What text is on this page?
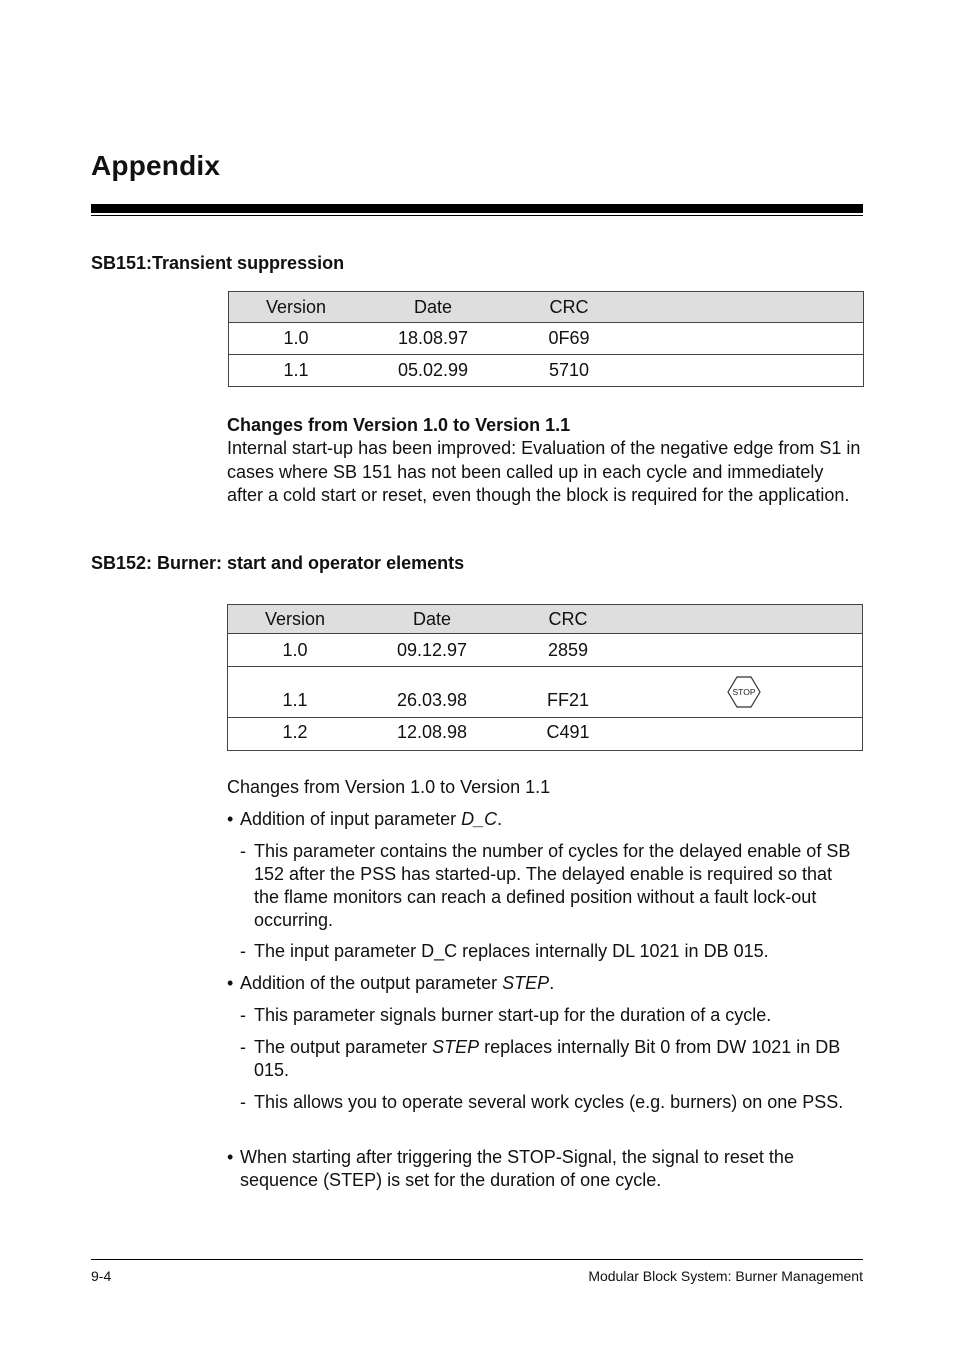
Appendix
SB151:Transient suppression
Version	Date	CRC	
1.0	18.08.97	0F69	
1.1	05.02.99	5710	
Changes from Version 1.0 to Version 1.1
Internal start-up has been improved: Evaluation of the negative edge from S1 in cases where SB 151 has not been called up in each cycle and immediately after a cold start or reset, even though the block is required for the application.
SB152: Burner: start and operator elements
Version	Date	CRC	
1.0	09.12.97	2859	
1.1	26.03.98	FF21	STOP

1.2	12.08.98	C491	
Changes from Version 1.0 to Version 1.1
• Addition of input parameter D_C.
- This parameter contains the number of cycles for the delayed enable of SB 152 after the PSS has started-up. The delayed enable is required so that the flame monitors can reach a defined position without a fault lock-out occurring.
- The input parameter D_C replaces internally DL 1021 in DB 015.
• Addition of the output parameter STEP.
- This parameter signals burner start-up for the duration of a cycle.
- The output parameter STEP replaces internally Bit 0 from DW 1021 in DB 015.
- This allows you to operate several work cycles (e.g. burners) on one PSS.
• When starting after triggering the STOP-Signal, the signal to reset the sequence (STEP) is set for the duration of one cycle.
9-4	Modular Block System: Burner Management
